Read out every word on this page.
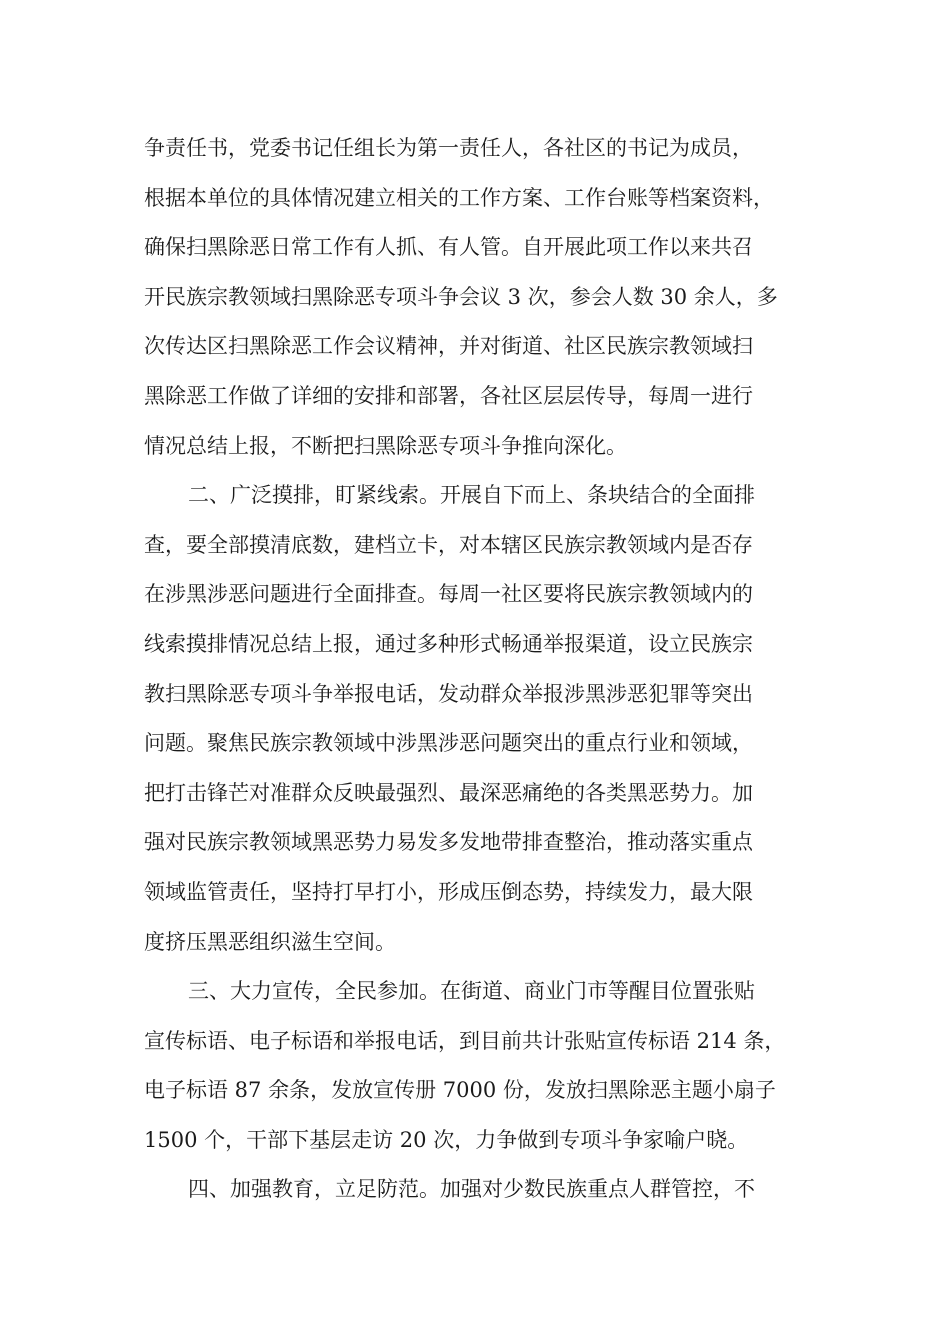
争责任书，党委书记任组长为第一责任人，各社区的书记为成员，
根据本单位的具体情况建立相关的工作方案、工作台账等档案资料，
确保扫黑除恶日常工作有人抓、有人管。自开展此项工作以来共召
开民族宗教领域扫黑除恶专项斗争会议 3 次，参会人数 30 余人，多
次传达区扫黑除恶工作会议精神，并对街道、社区民族宗教领域扫
黑除恶工作做了详细的安排和部署，各社区层层传导，每周一进行
情况总结上报，不断把扫黑除恶专项斗争推向深化。
二、广泛摸排，盯紧线索。开展自下而上、条块结合的全面排
查，要全部摸清底数，建档立卡，对本辖区民族宗教领域内是否存
在涉黑涉恶问题进行全面排查。每周一社区要将民族宗教领域内的
线索摸排情况总结上报，通过多种形式畅通举报渠道，设立民族宗
教扫黑除恶专项斗争举报电话，发动群众举报涉黑涉恶犯罪等突出
问题。聚焦民族宗教领域中涉黑涉恶问题突出的重点行业和领域，
把打击锋芒对准群众反映最强烈、最深恶痛绝的各类黑恶势力。加
强对民族宗教领域黑恶势力易发多发地带排查整治，推动落实重点
领域监管责任，坚持打早打小，形成压倒态势，持续发力，最大限
度挤压黑恶组织滋生空间。
三、大力宣传，全民参加。在街道、商业门市等醒目位置张贴
宣传标语、电子标语和举报电话，到目前共计张贴宣传标语 214 条，
电子标语 87 余条，发放宣传册 7000 份，发放扫黑除恶主题小扇子
1500 个，干部下基层走访 20 次，力争做到专项斗争家喻户晓。
四、加强教育，立足防范。加强对少数民族重点人群管控，不
